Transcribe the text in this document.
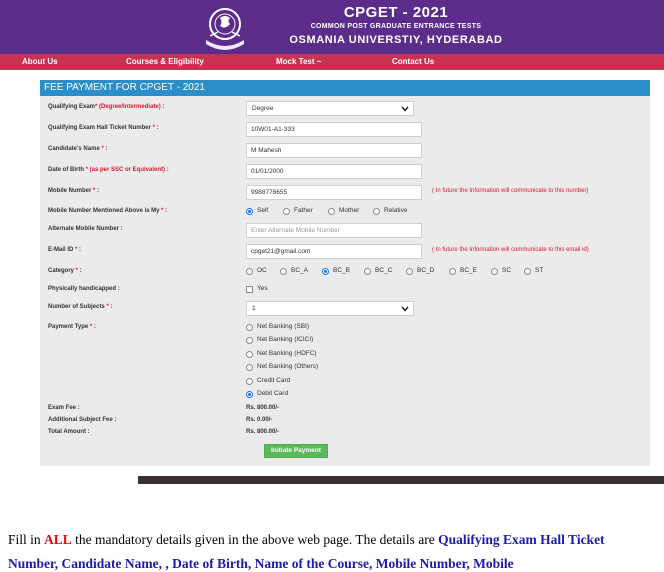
CPGET - 2021
COMMON POST GRADUATE ENTRANCE TESTS
OSMANIA UNIVERSTIY, HYDERABAD
About Us	Courses & Eligibility	Mock Test ~	Contact Us
FEE PAYMENT FOR CPGET - 2021
Qualifying Exam* (Degree/Intermediate) :	Degree
Qualifying Exam Hall Ticket Number * :	10W01-A1-333
Candidate's Name * :	M Mahesh
Date of Birth * (as per SSC or Equivalent) :	01/01/2000
Mobile Number * :	9988776655	( In future the Information will communicate to this number)
Mobile Number Mentioned Above is My * :	Self	Father	Mother	Relative
Alternate Mobile Number :	Enter Alternate Mobile Number
E-Mail ID * :	cpget21@gmail.com	( In future the Information will communicate to this email id)
Category * :	OC	BC_A	BC_B	BC_C	BC_D	BC_E	SC	ST
Physically handicapped :	Yes
Number of Subjects * :	1
Payment Type * :	Net Banking (SBI)
Net Banking (ICICI)
Net Banking (HDFC)
Net Banking (Others)
Credit Card
Debit Card
Exam Fee :	Rs. 800.00/-
Additional Subject Fee :	Rs. 0.00/-
Total Amount :	Rs. 800.00/-
Initiate Payment
Fill in ALL the mandatory details given in the above web page. The details are Qualifying Exam Hall Ticket Number, Candidate Name, , Date of Birth, Name of the Course, Mobile Number, Mobile
